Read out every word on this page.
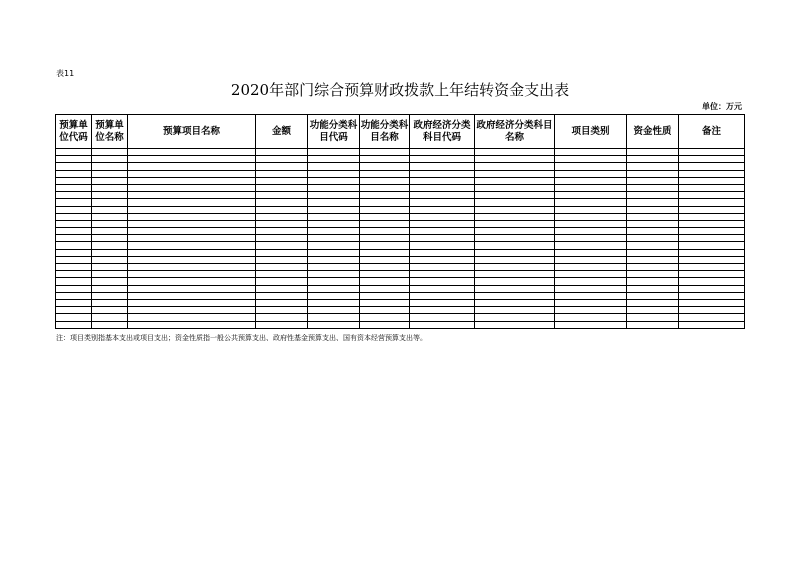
表11
2020年部门综合预算财政拨款上年结转资金支出表
单位：万元
预算单位代码	预算单位名称	预算项目名称	金额	功能分类科目代码	功能分类科目名称	政府经济分类科目代码	政府经济分类科目名称	项目类别	资金性质	备注

注：项目类别指基本支出或项目支出；资金性质指一般公共预算支出、政府性基金预算支出、国有资本经营预算支出等。
